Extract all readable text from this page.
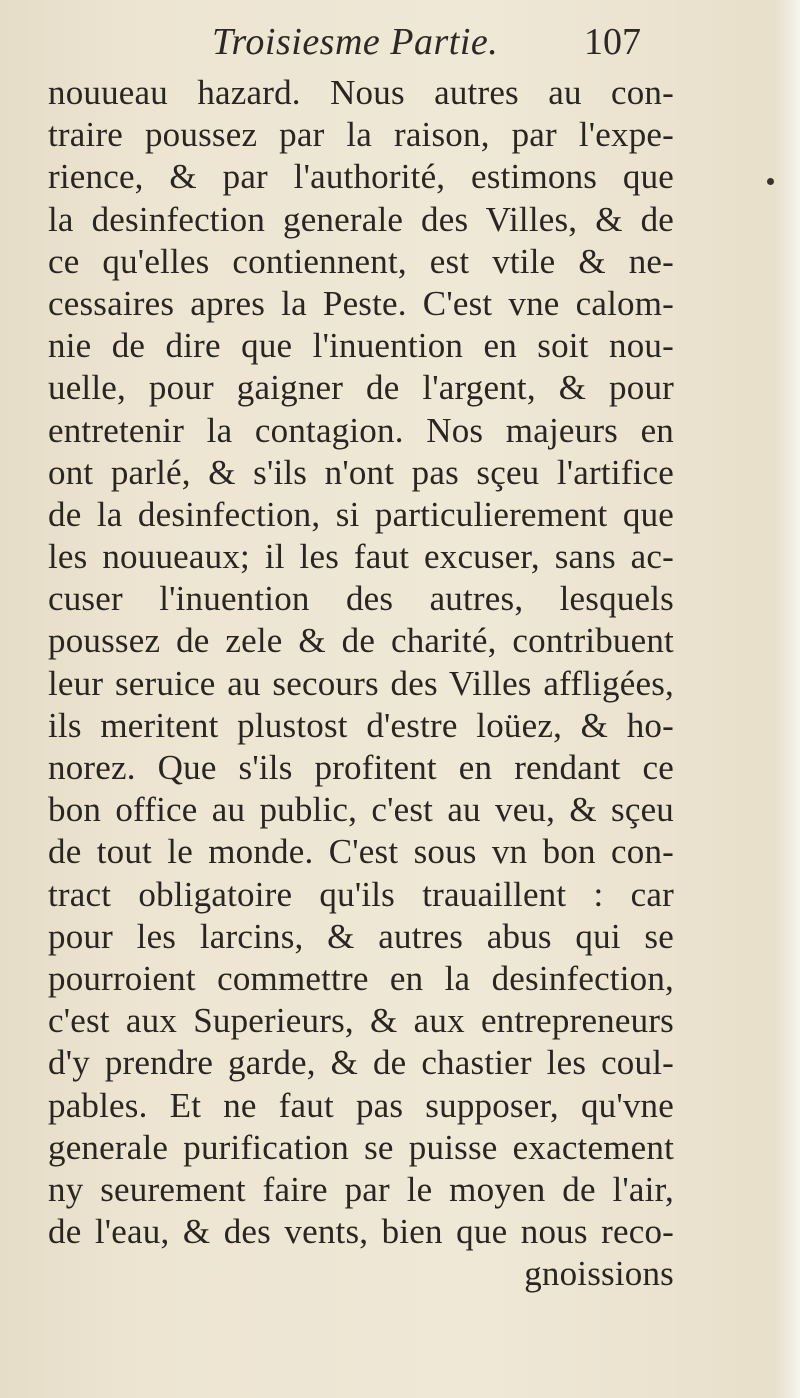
Troisiesme Partie. 107
nouueau hazard. Nous autres au con-
traire poussez par la raison, par l'expe-
rience, & par l'authorité, estimons que
la desinfection generale des Villes, & de
ce qu'elles contiennent, est vtile & ne-
cessaires apres la Peste. C'est vne calom-
nie de dire que l'inuention en soit nou-
uelle, pour gaigner de l'argent, & pour
entretenir la contagion. Nos majeurs en
ont parlé, & s'ils n'ont pas sçeu l'artifice
de la desinfection, si particulierement que
les nouueaux; il les faut excuser, sans ac-
cuser l'inuention des autres, lesquels
poussez de zele & de charité, contribuent
leur seruice au secours des Villes affligées,
ils meritent plustost d'estre loüez, & ho-
norez. Que s'ils profitent en rendant ce
bon office au public, c'est au veu, & sçeu
de tout le monde. C'est sous vn bon con-
tract obligatoire qu'ils trauaillent : car
pour les larcins, & autres abus qui se
pourroient commettre en la desinfection,
c'est aux Superieurs, & aux entrepreneurs
d'y prendre garde, & de chastier les coul-
pables. Et ne faut pas supposer, qu'vne
generale purification se puisse exactement
ny seurement faire par le moyen de l'air,
de l'eau, & des vents, bien que nous reco-
gnoissions
